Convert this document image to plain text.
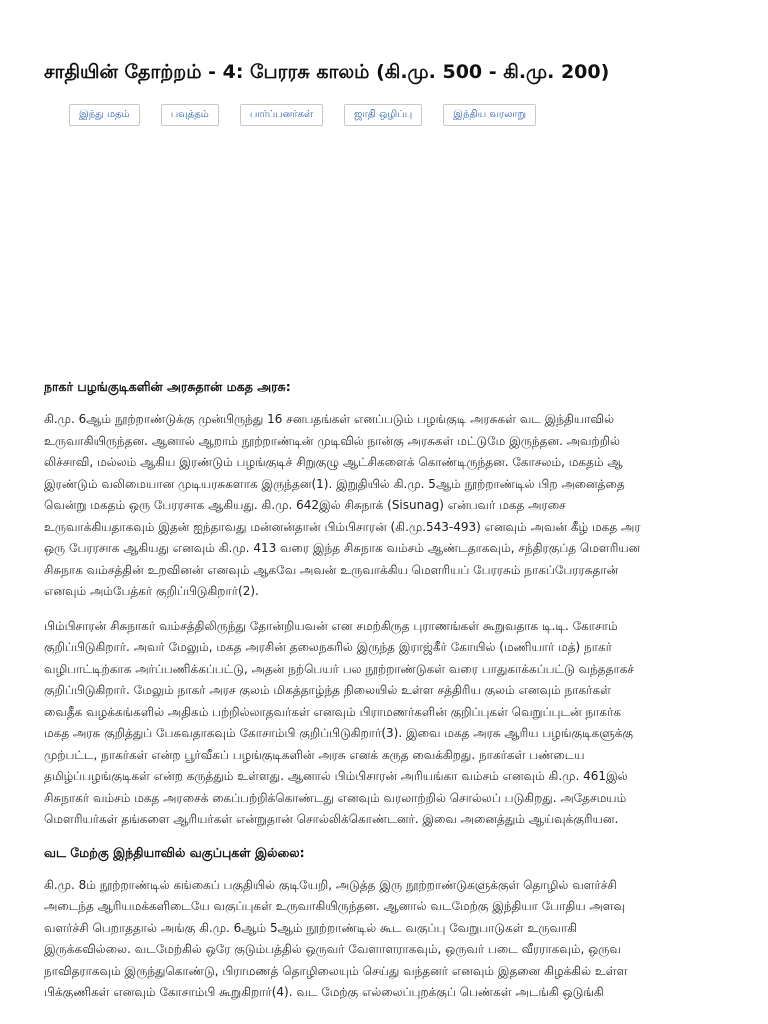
சாதியின் தோற்றம் - 4: பேரரசு காலம் (கி.மு. 500 - கி.மு. 200)
இந்து மதம்	பவுத்தம்	பார்ப்பனர்கள்	ஜாதி ஒழிப்பு	இந்திய வரலாறு
நாகர் பழங்குடிகளின் அரசுதான் மகத அரசு:

கி.மு. 6ஆம் நூற்றாண்டுக்கு முன்பிருந்து 16 சனபதங்கள் எனப்படும் பழங்குடி அரசுகள் வட இந்தியாவில்
உருவாகியிருந்தன. ஆனால் ஆறாம் நூற்றாண்டின் முடிவில் நான்கு அரசுகள் மட்டுமே இருந்தன. அவற்றில்
லிச்சாவி, மல்லம் ஆகிய இரண்டும் பழங்குடிச் சிறுகுழு ஆட்சிகளைக் கொண்டிருந்தன. கோசலம், மகதம் ஆ
இரண்டும் வலிமையான முடியரசுகளாக இருந்தன(1). இறுதியில் கி.மு. 5ஆம் நூற்றாண்டில் பிற அனைத்தை
வென்று மகதம் ஒரு பேரரசாக ஆகியது. கி.மு. 642இல் சிசுநாக் (Sisunag) என்பவர் மகத அரசை
உருவாக்கியதாகவும் இதன் ஐந்தாவது மன்னன்தான் பிம்பிசாரன் (கி.மு.543-493) எனவும் அவன் கீழ் மகத அர
ஒரு பேரரசாக ஆகியது எனவும் கி.மு. 413 வரை இந்த சிசுநாக வம்சம் ஆண்டதாகவும், சந்திரகுப்த மௌரியன
சிசுநாக வம்சத்தின் உறவினன் எனவும் ஆகவே அவன் உருவாக்கிய மௌரியப் பேரரசும் நாகப்பேரரசுதான்
எனவும் அம்பேத்கர் குறிப்பிடுகிறார்(2).

பிம்பிசாரன் சிசுநாகர் வம்சத்திலிருந்து தோன்றியவன் என சமற்கிருத புராணங்கள் கூறுவதாக டி.டி. கோசாம்
குறிப்பிடுகிறார். அவர் மேலும், மகத அரசின் தலைநகரில் இருந்த இராஜ்கீர் கோயில் (மணியார் மத்) நாகர்
வழிபாட்டிற்காக அர்ப்பணிக்கப்பட்டு, அதன் நற்பெயர் பல நூற்றாண்டுகள் வரை பாதுகாக்கப்பட்டு வந்ததாகச்
குறிப்பிடுகிறார். மேலும் நாகர் அரச குலம் மிகத்தாழ்ந்த நிலையில் உள்ள சத்திரிய குலம் எனவும் நாகர்கள்
வைதீக வழக்கங்களில் அதிகம் பற்றில்லாதவர்கள் எனவும் பிராமணர்களின் குறிப்புகள் வெறுப்புடன் நாகர்க
மகத அரசு குறித்துப் பேசுவதாகவும் கோசாம்பி குறிப்பிடுகிறார்(3). இவை மகத அரசு ஆரிய பழங்குடிகளுக்கு
முற்பட்ட, நாகர்கள் என்ற பூர்வீகப் பழங்குடிகளின் அரசு எனக் கருத வைக்கிறது. நாகர்கள் பண்டைய
தமிழ்ப்பழங்குடிகள் என்ற கருத்தும் உள்ளது. ஆனால் பிம்பிசாரன் அரியங்கா வம்சம் எனவும் கி.மு. 461இல்
சிசுநாகர் வம்சம் மகத அரசைக் கைப்பற்றிக்கொண்டது எனவும் வரலாற்றில் சொல்லப் படுகிறது. அதேசமயம்
மௌரியர்கள் தங்களை ஆரியர்கள் என்றுதான் சொல்லிக்கொண்டனர். இவை அனைத்தும் ஆய்வுக்குரியன.

வட மேற்கு இந்தியாவில் வகுப்புகள் இல்லை:

கி.மு. 8ம் நூற்றாண்டில் கங்கைப் பகுதியில் குடியேறி, அடுத்த இரு நூற்றாண்டுகளுக்குள் தொழில் வளர்ச்சி
அடைந்த ஆரியமக்களிடையே வகுப்புகள் உருவாகியிருந்தன. ஆனால் வடமேற்கு இந்தியா போதிய அளவு
வளர்ச்சி பெறாததால் அங்கு கி.மு. 6ஆம் 5ஆம் நூற்றாண்டில் கூட வகுப்பு வேறுபாடுகள் உருவாகி
இருக்கவில்லை. வடமேற்கில் ஒரே குடும்பத்தில் ஒருவர் வேளாளராகவும், ஒருவர் படை வீரராகவும், ஒருவ
நாவிதராகவும் இருந்துகொண்டு, பிராமணத் தொழிலையும் செய்து வந்தனர் எனவும் இதனை கிழக்கில் உள்ள
பிக்குணிகள் எனவும் கோசாம்பி கூறுகிறார்(4). வட மேற்கு எல்லைப்புறக்குப் பெண்கள் அடங்கி ஒடுங்கி
